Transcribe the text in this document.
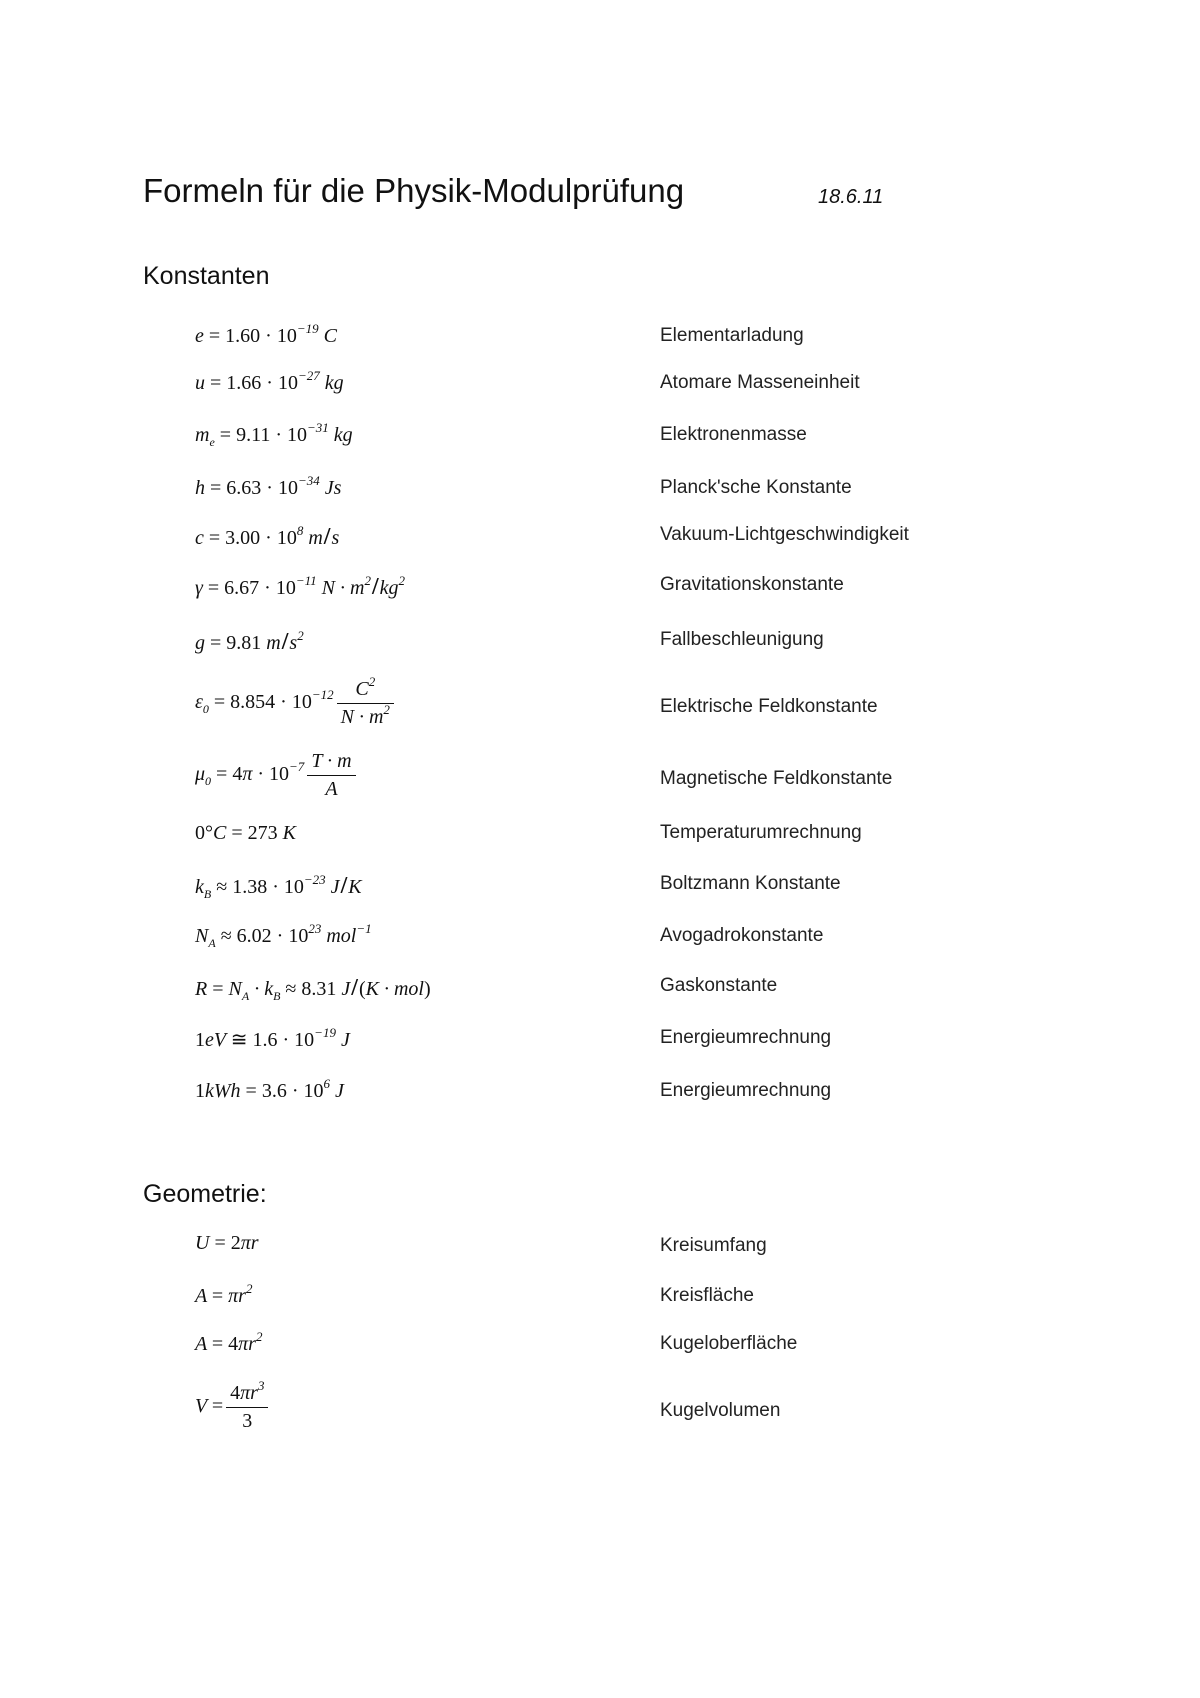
Formeln für die Physik-Modulprüfung	18.6.11
Konstanten
$e = 1.60 \cdot 10^{-19}$ C	Elementarladung
$u = 1.66 \cdot 10^{-27}$ kg	Atomare Masseneinheit
$m_e = 9.11 \cdot 10^{-31}$ kg	Elektronenmasse
$h = 6.63 \cdot 10^{-34}$ Js	Planck'sche Konstante
$c = 3.00 \cdot 10^8$ m/s	Vakuum-Lichtgeschwindigkeit
$\gamma = 6.67 \cdot 10^{-11}$ $N \cdot m^2/kg^2$	Gravitationskonstante
g = 9.81 $m/s^2$	Fallbeschleunigung
$\varepsilon_0 = 8.854 \cdot 10^{-12} \frac{C^2}{N \cdot m^2}$	Elektrische Feldkonstante
$\mu_0 = 4\pi \cdot 10^{-7} \frac{T \cdot m}{A}$	Magnetische Feldkonstante
0°C = 273 K	Temperaturumrechnung
$k_B \approx 1.38 \cdot 10^{-23}$ J/K	Boltzmann Konstante
$N_A \approx 6.02 \cdot 10^{23}$ mol$^{-1}$	Avogadrokonstante
$R = N_A \cdot k_B \approx 8.31$ J/(K · mol)	Gaskonstante
1eV ≅ $1.6 \cdot 10^{-19}$ J	Energieumrechnung
$1kWh = 3.6 \cdot 10^6$ J	Energieumrechnung
Geometrie:
U = 2πr	Kreisumfang
$A = \pi r^2$	Kreisfläche
$A = 4\pi r^2$	Kugeloberfläche
$V = \frac{4\pi r^3}{3}$	Kugelvolumen
